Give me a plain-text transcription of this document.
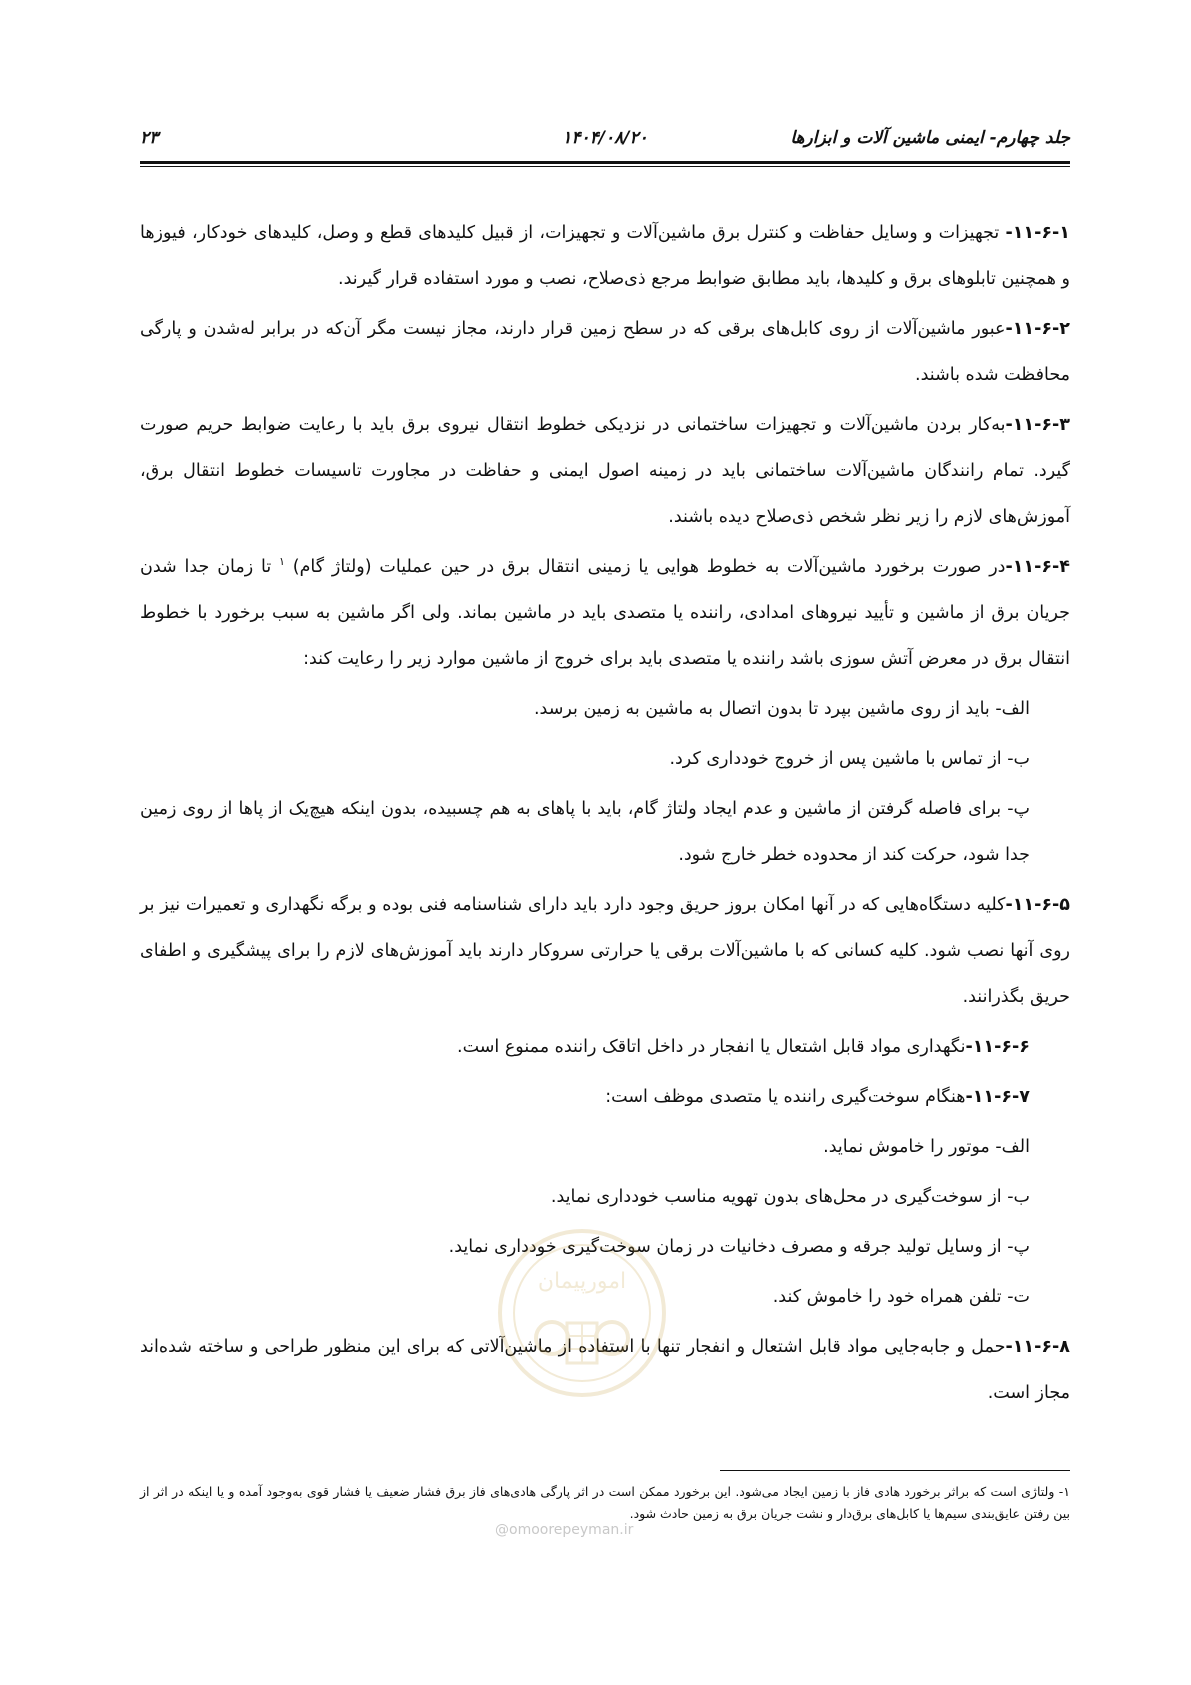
جلد چهارم- ایمنی ماشین آلات و ابزارها
۱۴۰۴/۰۸/۲۰
۲۳

۱۱-۶-۱- تجهیزات و وسایل حفاظت و کنترل برق ماشین‌آلات و تجهیزات، از قبیل کلیدهای قطع و وصل، کلیدهای خودکار، فیوزها و همچنین تابلوهای برق و کلیدها، باید مطابق ضوابط مرجع ذی‌صلاح، نصب و مورد استفاده قرار گیرند.

۱۱-۶-۲-عبور ماشین‌آلات از روی کابل‌های برقی که در سطح زمین قرار دارند، مجاز نیست مگر آن‌که در برابر له‌شدن و پارگی محافظت شده باشند.

۱۱-۶-۳-به‌کار بردن ماشین‌آلات و تجهیزات ساختمانی در نزدیکی خطوط انتقال نیروی برق باید با رعایت ضوابط حریم صورت گیرد. تمام رانندگان ماشین‌آلات ساختمانی باید در زمینه اصول ایمنی و حفاظت در مجاورت تاسیسات خطوط انتقال برق، آموزش‌های لازم را زیر نظر شخص ذی‌صلاح دیده باشند.

۱۱-۶-۴-در صورت برخورد ماشین‌آلات به خطوط هوایی یا زمینی انتقال برق در حین عملیات (ولتاژ گام) $^۱$ تا زمان جدا شدن جریان برق از ماشین و تأیید نیروهای امدادی، راننده یا متصدی باید در ماشین بماند. ولی اگر ماشین به سبب برخورد با خطوط انتقال برق در معرض آتش سوزی باشد راننده یا متصدی باید برای خروج از ماشین موارد زیر را رعایت کند:

الف- باید از روی ماشین بپرد تا بدون اتصال به ماشین به زمین برسد.

ب- از تماس با ماشین پس از خروج خودداری کرد.

پ- برای فاصله گرفتن از ماشین و عدم ایجاد ولتاژ گام، باید با پاهای به هم چسبیده، بدون اینکه هیچ‌یک از پاها از روی زمین جدا شود، حرکت کند از محدوده خطر خارج شود.

۱۱-۶-۵-کلیه دستگاه‌هایی که در آنها امکان بروز حریق وجود دارد باید دارای شناسنامه فنی بوده و برگه نگهداری و تعمیرات نیز بر روی آنها نصب شود. کلیه کسانی که با ماشین‌آلات برقی یا حرارتی سروکار دارند باید آموزش‌های لازم را برای پیشگیری و اطفای حریق بگذرانند.

۱۱-۶-۶-نگهداری مواد قابل اشتعال یا انفجار در داخل اتاقک راننده ممنوع است.

۱۱-۶-۷-هنگام سوخت‌گیری راننده یا متصدی موظف است:

الف- موتور را خاموش نماید.

ب- از سوخت‌گیری در محل‌های بدون تهویه مناسب خودداری نماید.

پ- از وسایل تولید جرقه و مصرف دخانیات در زمان سوخت‌گیری خودداری نماید.

ت- تلفن همراه خود را خاموش کند.

۱۱-۶-۸-حمل و جابه‌جایی مواد قابل اشتعال و انفجار تنها با استفاده از ماشین‌آلاتی که برای این منظور طراحی و ساخته شده‌اند مجاز است.

امورپیمان
۱- ولتاژی است که براثر برخورد هادی فاز با زمین ایجاد می‌شود. این برخورد ممکن است در اثر پارگی هادی‌های فاز برق فشار ضعیف یا فشار قوی به‌وجود آمده و یا اینکه در اثر از بین رفتن عایق‌بندی سیم‌ها یا کابل‌های برق‌دار و نشت جریان برق به زمین حادث شود.
@omoorepeyman.ir
